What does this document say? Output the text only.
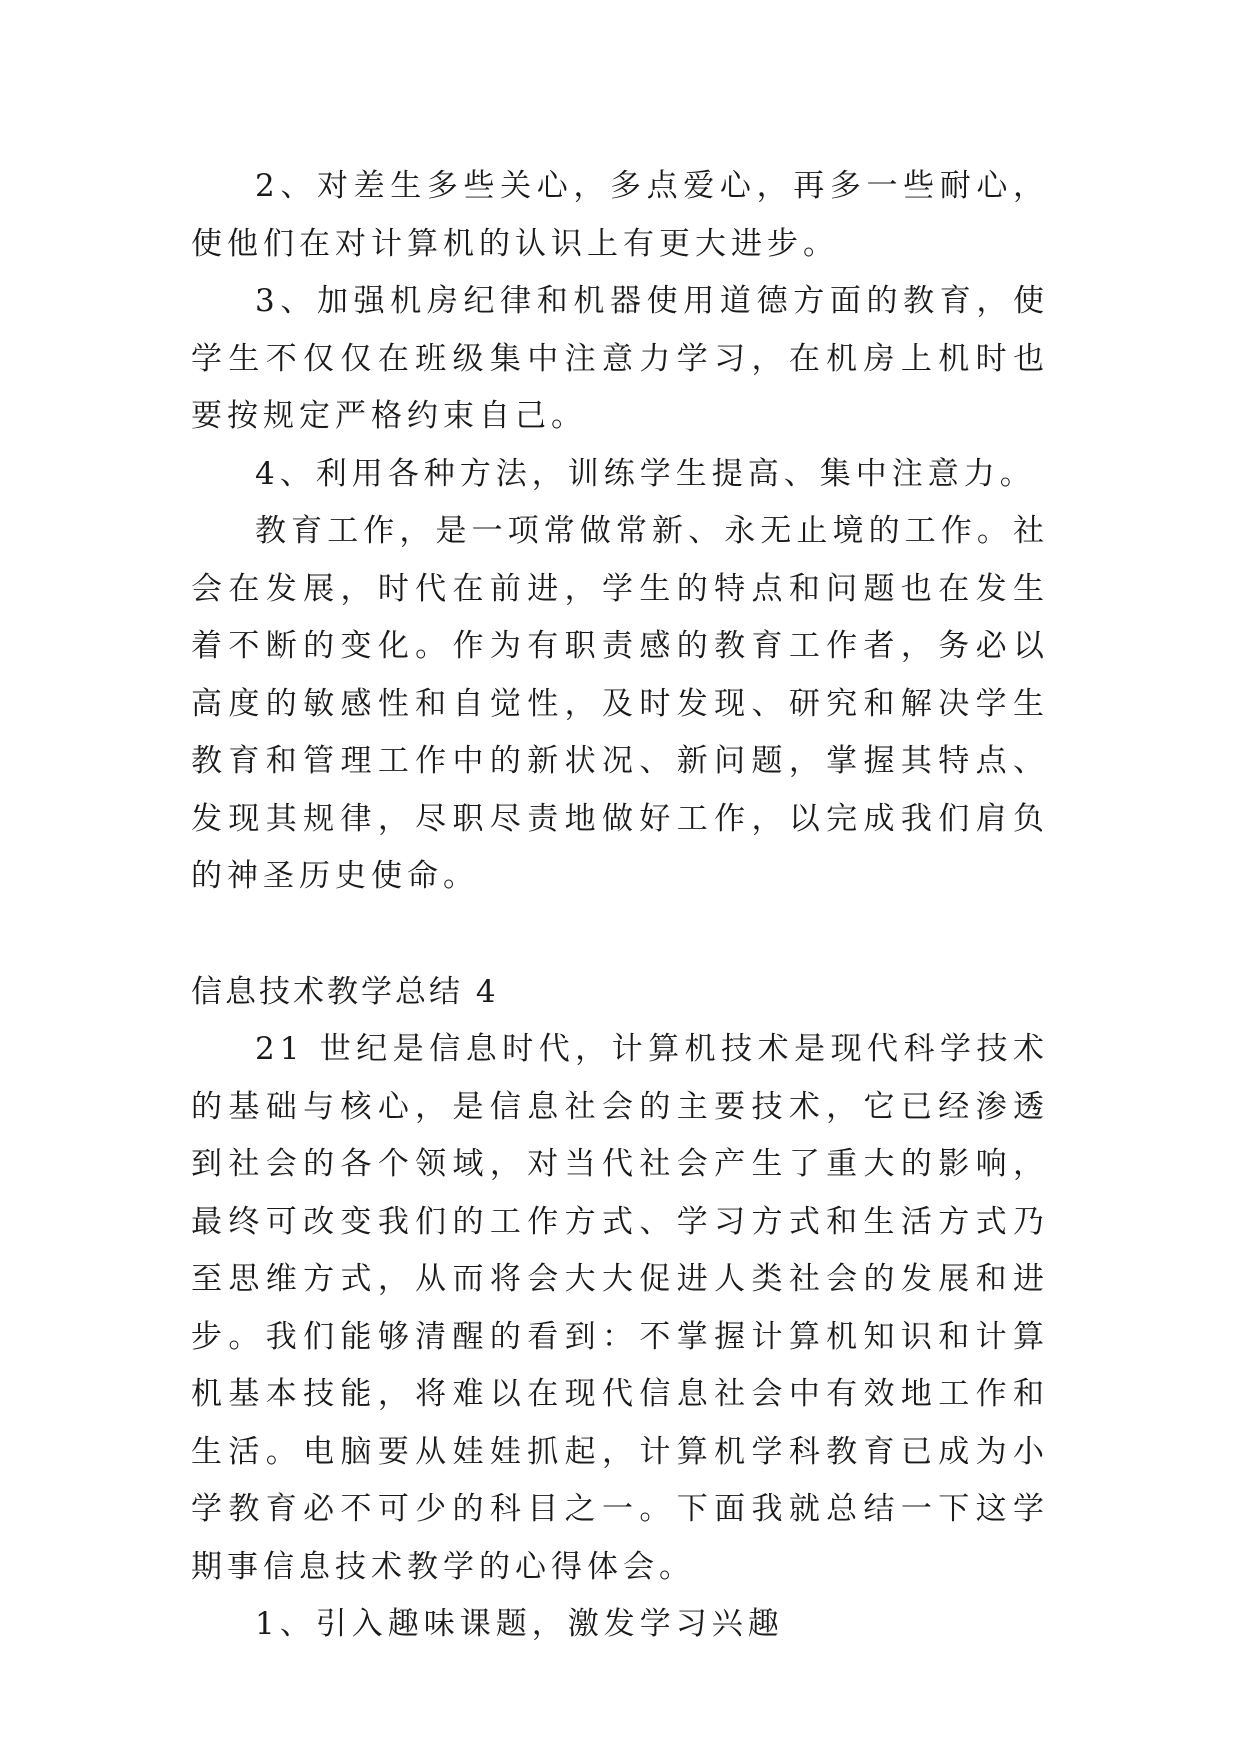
2、对差生多些关心，多点爱心，再多一些耐心，使他们在对计算机的认识上有更大进步。

3、加强机房纪律和机器使用道德方面的教育，使学生不仅仅在班级集中注意力学习，在机房上机时也要按规定严格约束自己。

4、利用各种方法，训练学生提高、集中注意力。

教育工作，是一项常做常新、永无止境的工作。社会在发展，时代在前进，学生的特点和问题也在发生着不断的变化。作为有职责感的教育工作者，务必以高度的敏感性和自觉性，及时发现、研究和解决学生教育和管理工作中的新状况、新问题，掌握其特点、发现其规律，尽职尽责地做好工作，以完成我们肩负的神圣历史使命。

信息技术教学总结 4

21 世纪是信息时代，计算机技术是现代科学技术的基础与核心，是信息社会的主要技术，它已经渗透到社会的各个领域，对当代社会产生了重大的影响，最终可改变我们的工作方式、学习方式和生活方式乃至思维方式，从而将会大大促进人类社会的发展和进步。我们能够清醒的看到：不掌握计算机知识和计算机基本技能，将难以在现代信息社会中有效地工作和生活。电脑要从娃娃抓起，计算机学科教育已成为小学教育必不可少的科目之一。下面我就总结一下这学期事信息技术教学的心得体会。

1、引入趣味课题，激发学习兴趣
